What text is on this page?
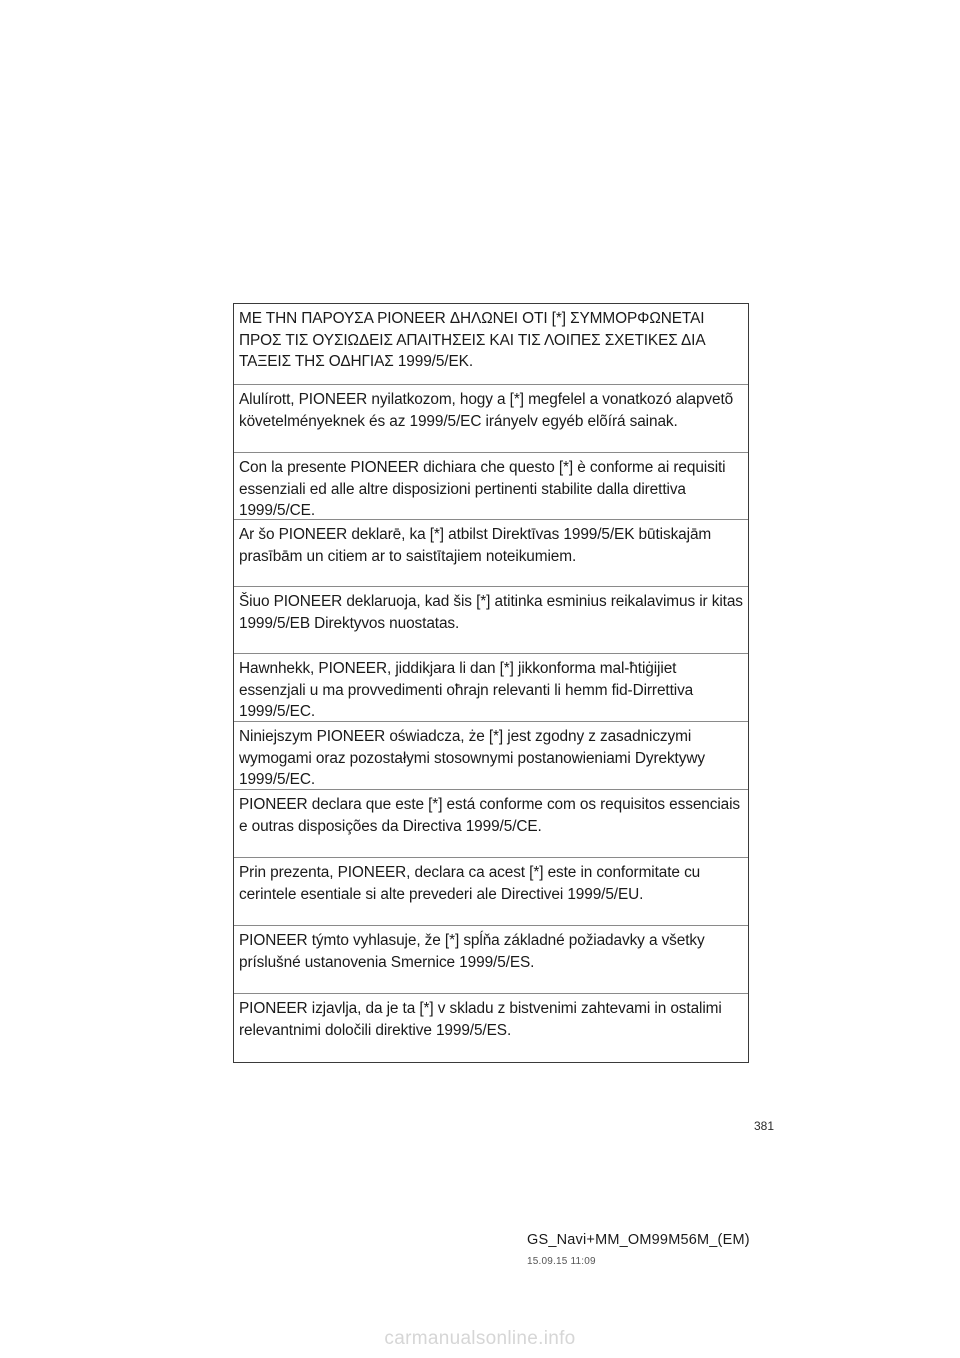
ΜΕ ΤΗΝ ΠΑΡΟΥΣΑ PIONEER ΔΗΛΩΝΕΙ ΟΤΙ [*] ΣΥΜΜΟΡΦΩΝΕΤΑΙ ΠΡΟΣ ΤΙΣ ΟΥΣΙΩΔΕΙΣ ΑΠΑΙΤΗΣΕΙΣ ΚΑΙ ΤΙΣ ΛΟΙΠΕΣ ΣΧΕΤΙΚΕΣ ΔΙΑ ΤΑΞΕΙΣ ΤΗΣ ΟΔΗΓΙΑΣ 1999/5/ΕΚ.
Alulírott, PIONEER nyilatkozom, hogy a [*] megfelel a vonatkozó alapvetõ követelményeknek és az 1999/5/EC irányelv egyéb elõírá sainak.
Con la presente PIONEER dichiara che questo [*] è conforme ai requisiti essenziali ed alle altre disposizioni pertinenti stabilite dalla direttiva 1999/5/CE.
Ar šo PIONEER deklarē, ka [*] atbilst Direktīvas 1999/5/EK būtiskajām prasībām un citiem ar to saistītajiem noteikumiem.
Šiuo PIONEER deklaruoja, kad šis [*] atitinka esminius reikalavimus ir kitas 1999/5/EB Direktyvos nuostatas.
Hawnhekk, PIONEER, jiddikjara li dan [*] jikkonforma mal-ħtiġijiet essenzjali u ma provvedimenti oħrajn relevanti li hemm fid-Dirrettiva 1999/5/EC.
Niniejszym PIONEER oświadcza, że [*] jest zgodny z zasadniczymi wymogami oraz pozostałymi stosownymi postanowieniami Dyrektywy 1999/5/EC.
PIONEER declara que este [*] está conforme com os requisitos essenciais e outras disposições da Directiva 1999/5/CE.
Prin prezenta, PIONEER, declara ca acest [*] este in conformitate cu cerintele esentiale si alte prevederi ale Directivei 1999/5/EU.
PIONEER týmto vyhlasuje, že [*] spĺňa základné požiadavky a všetky príslušné ustanovenia Smernice 1999/5/ES.
PIONEER izjavlja, da je ta [*] v skladu z bistvenimi zahtevami in ostalimi relevantnimi določili direktive 1999/5/ES.
381
GS_Navi+MM_OM99M56M_(EM)
15.09.15 11:09
carmanualsonline.info
